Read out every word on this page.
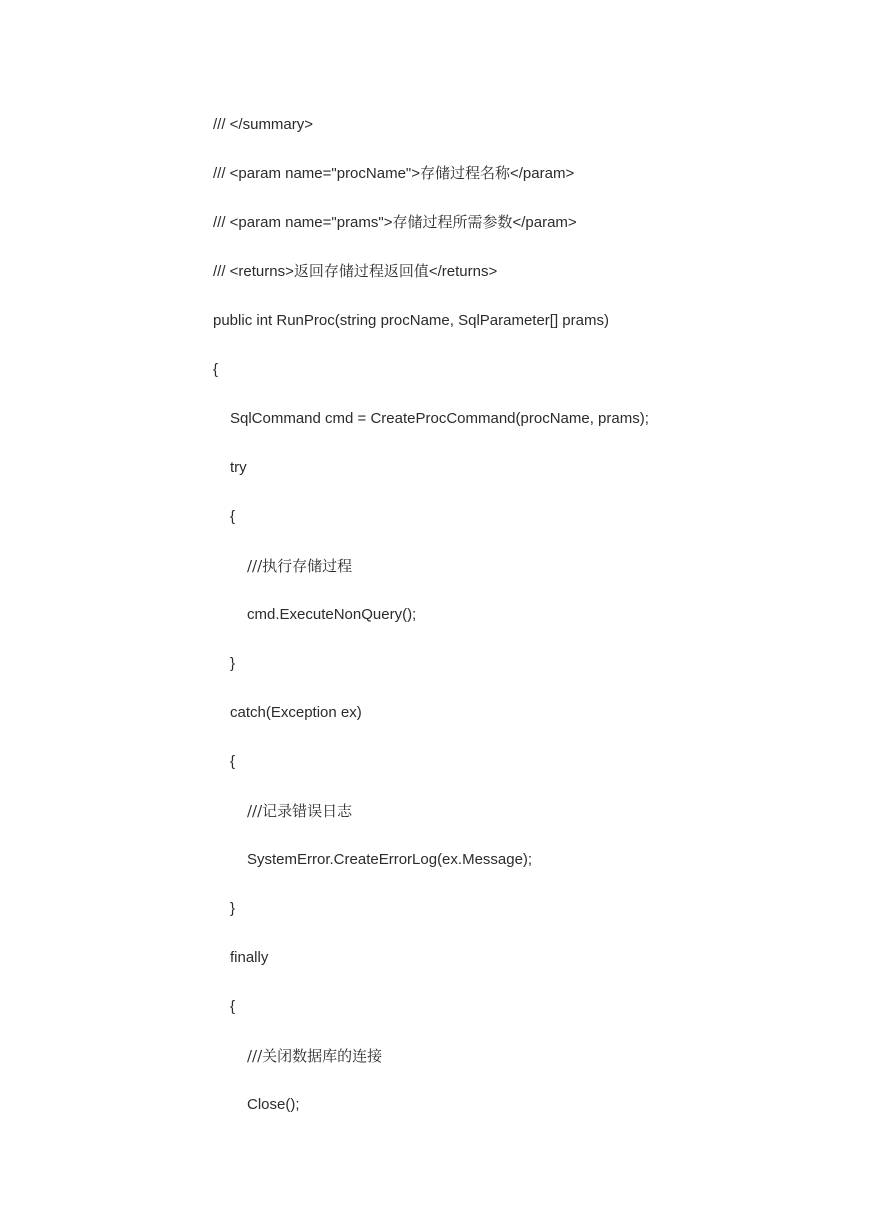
/// </summary>
/// <param name="procName">存储过程名称</param>
/// <param name="prams">存储过程所需参数</param>
/// <returns>返回存储过程返回值</returns>
public int RunProc(string procName, SqlParameter[] prams)
{
SqlCommand cmd = CreateProcCommand(procName, prams);
try
{
///执行存储过程
cmd.ExecuteNonQuery();
}
catch(Exception ex)
{
///记录错误日志
SystemError.CreateErrorLog(ex.Message);
}
finally
{
///关闭数据库的连接
Close();
